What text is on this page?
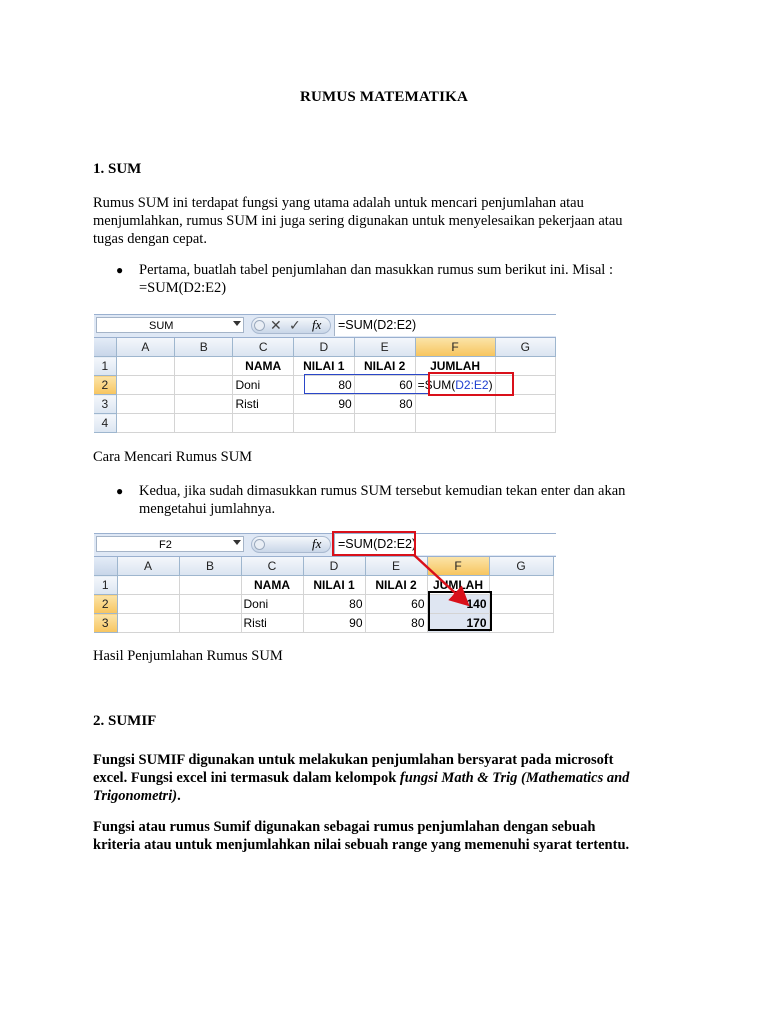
RUMUS MATEMATIKA
1. SUM
Rumus SUM ini terdapat fungsi yang utama adalah untuk mencari penjumlahan atau
menjumlahkan, rumus SUM ini juga sering digunakan untuk menyelesaikan pekerjaan atau
tugas dengan cepat.
● Pertama, buatlah tabel penjumlahan dan masukkan rumus sum berikut ini. Misal :
=SUM(D2:E2)
SUM	✕ ✓ fx	=SUM(D2:E2)
	A	B	C	D	E	F	G
1			NAMA	NILAI 1	NILAI 2	JUMLAH	
2			Doni	80	60	=SUM(D2:E2)	
3			Risti	90	80		
4							
Cara Mencari Rumus SUM
● Kedua, jika sudah dimasukkan rumus SUM tersebut kemudian tekan enter dan akan
mengetahui jumlahnya.
F2	fx	=SUM(D2:E2)
	A	B	C	D	E	F	G
1			NAMA	NILAI 1	NILAI 2	JUMLAH	
2			Doni	80	60	140	
3			Risti	90	80	170	
Hasil Penjumlahan Rumus SUM
2. SUMIF
Fungsi SUMIF digunakan untuk melakukan penjumlahan bersyarat pada microsoft
excel. Fungsi excel ini termasuk dalam kelompok fungsi Math & Trig (Mathematics and
Trigonometri).
Fungsi atau rumus Sumif digunakan sebagai rumus penjumlahan dengan sebuah
kriteria atau untuk menjumlahkan nilai sebuah range yang memenuhi syarat tertentu.
